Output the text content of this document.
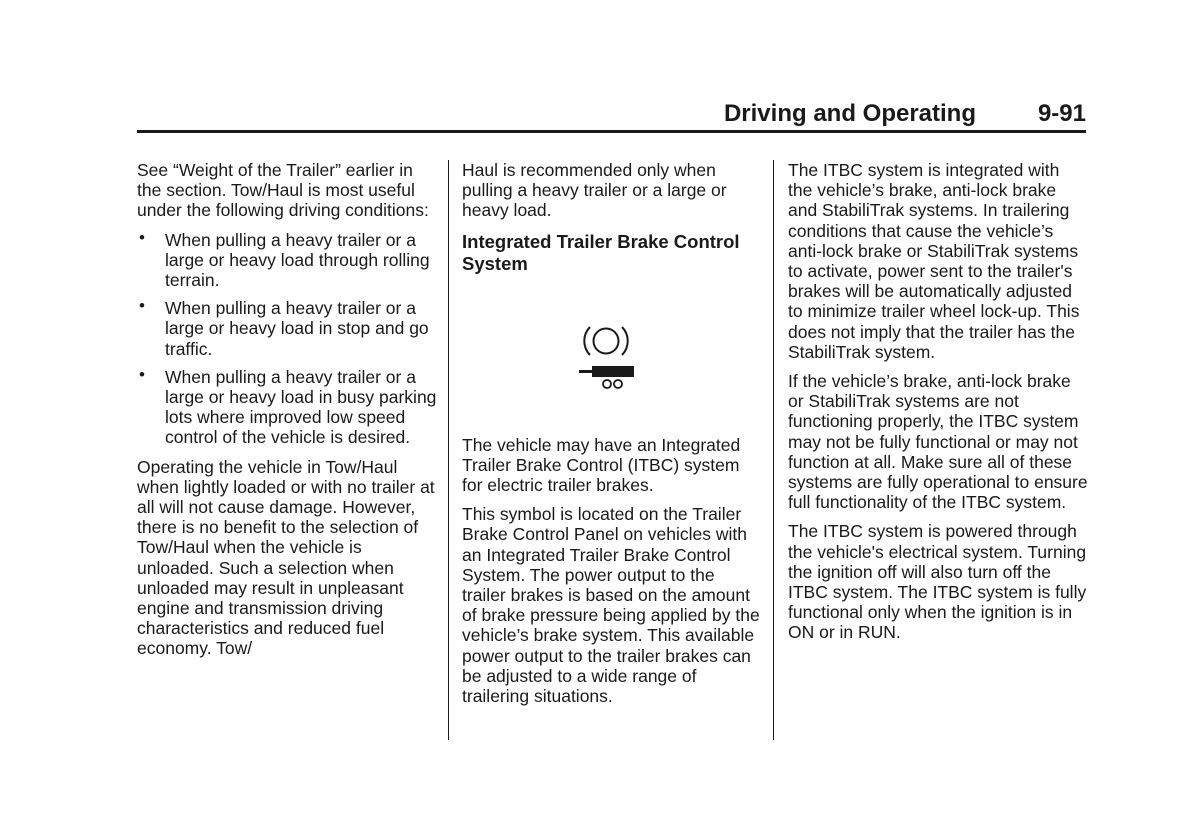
Driving and Operating	9-91

See “Weight of the Trailer” earlier in the section. Tow/Haul is most useful under the following driving conditions:

• When pulling a heavy trailer or a large or heavy load through rolling terrain.
• When pulling a heavy trailer or a large or heavy load in stop and go traffic.
• When pulling a heavy trailer or a large or heavy load in busy parking lots where improved low speed control of the vehicle is desired.

Operating the vehicle in Tow/Haul when lightly loaded or with no trailer at all will not cause damage. However, there is no benefit to the selection of Tow/Haul when the vehicle is unloaded. Such a selection when unloaded may result in unpleasant engine and transmission driving characteristics and reduced fuel economy. Tow/

Haul is recommended only when pulling a heavy trailer or a large or heavy load.

Integrated Trailer Brake Control System

The vehicle may have an Integrated Trailer Brake Control (ITBC) system for electric trailer brakes.

This symbol is located on the Trailer Brake Control Panel on vehicles with an Integrated Trailer Brake Control System. The power output to the trailer brakes is based on the amount of brake pressure being applied by the vehicle’s brake system. This available power output to the trailer brakes can be adjusted to a wide range of trailering situations.

The ITBC system is integrated with the vehicle’s brake, anti-lock brake and StabiliTrak systems. In trailering conditions that cause the vehicle’s anti-lock brake or StabiliTrak systems to activate, power sent to the trailer's brakes will be automatically adjusted to minimize trailer wheel lock-up. This does not imply that the trailer has the StabiliTrak system.

If the vehicle’s brake, anti-lock brake or StabiliTrak systems are not functioning properly, the ITBC system may not be fully functional or may not function at all. Make sure all of these systems are fully operational to ensure full functionality of the ITBC system.

The ITBC system is powered through the vehicle's electrical system. Turning the ignition off will also turn off the ITBC system. The ITBC system is fully functional only when the ignition is in ON or in RUN.
